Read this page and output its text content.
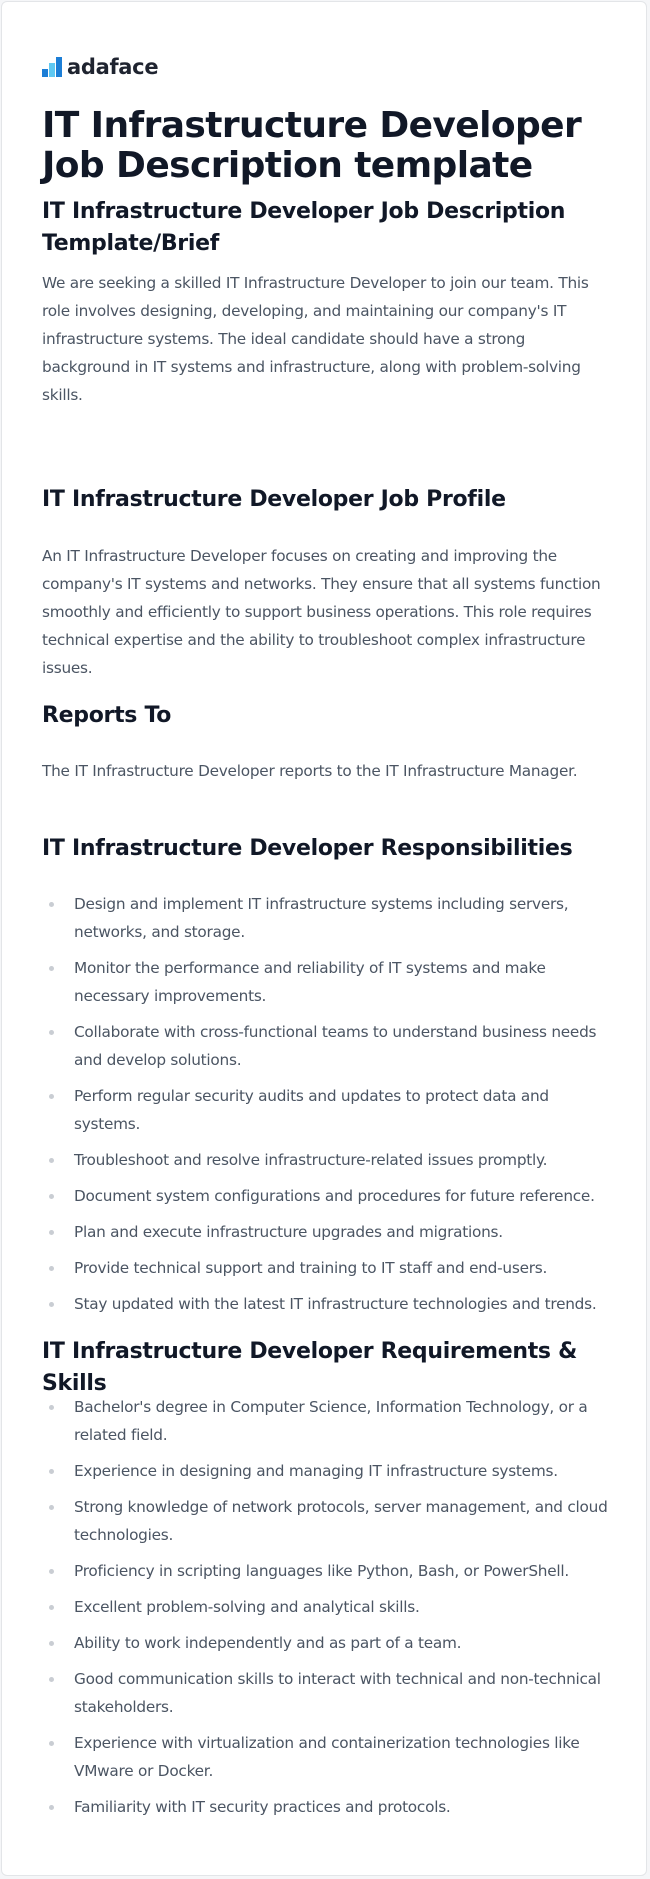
adaface
IT Infrastructure Developer Job Description template
IT Infrastructure Developer Job Description Template/Brief

We are seeking a skilled IT Infrastructure Developer to join our team. This role involves designing, developing, and maintaining our company's IT infrastructure systems. The ideal candidate should have a strong background in IT systems and infrastructure, along with problem-solving skills.

IT Infrastructure Developer Job Profile

An IT Infrastructure Developer focuses on creating and improving the company's IT systems and networks. They ensure that all systems function smoothly and efficiently to support business operations. This role requires technical expertise and the ability to troubleshoot complex infrastructure issues.

Reports To

The IT Infrastructure Developer reports to the IT Infrastructure Manager.

IT Infrastructure Developer Responsibilities
Design and implement IT infrastructure systems including servers, networks, and storage.
Monitor the performance and reliability of IT systems and make necessary improvements.
Collaborate with cross-functional teams to understand business needs and develop solutions.
Perform regular security audits and updates to protect data and systems.
Troubleshoot and resolve infrastructure-related issues promptly.
Document system configurations and procedures for future reference.
Plan and execute infrastructure upgrades and migrations.
Provide technical support and training to IT staff and end-users.
Stay updated with the latest IT infrastructure technologies and trends.
IT Infrastructure Developer Requirements & Skills
Bachelor's degree in Computer Science, Information Technology, or a related field.
Experience in designing and managing IT infrastructure systems.
Strong knowledge of network protocols, server management, and cloud technologies.
Proficiency in scripting languages like Python, Bash, or PowerShell.
Excellent problem-solving and analytical skills.
Ability to work independently and as part of a team.
Good communication skills to interact with technical and non-technical stakeholders.
Experience with virtualization and containerization technologies like VMware or Docker.
Familiarity with IT security practices and protocols.
